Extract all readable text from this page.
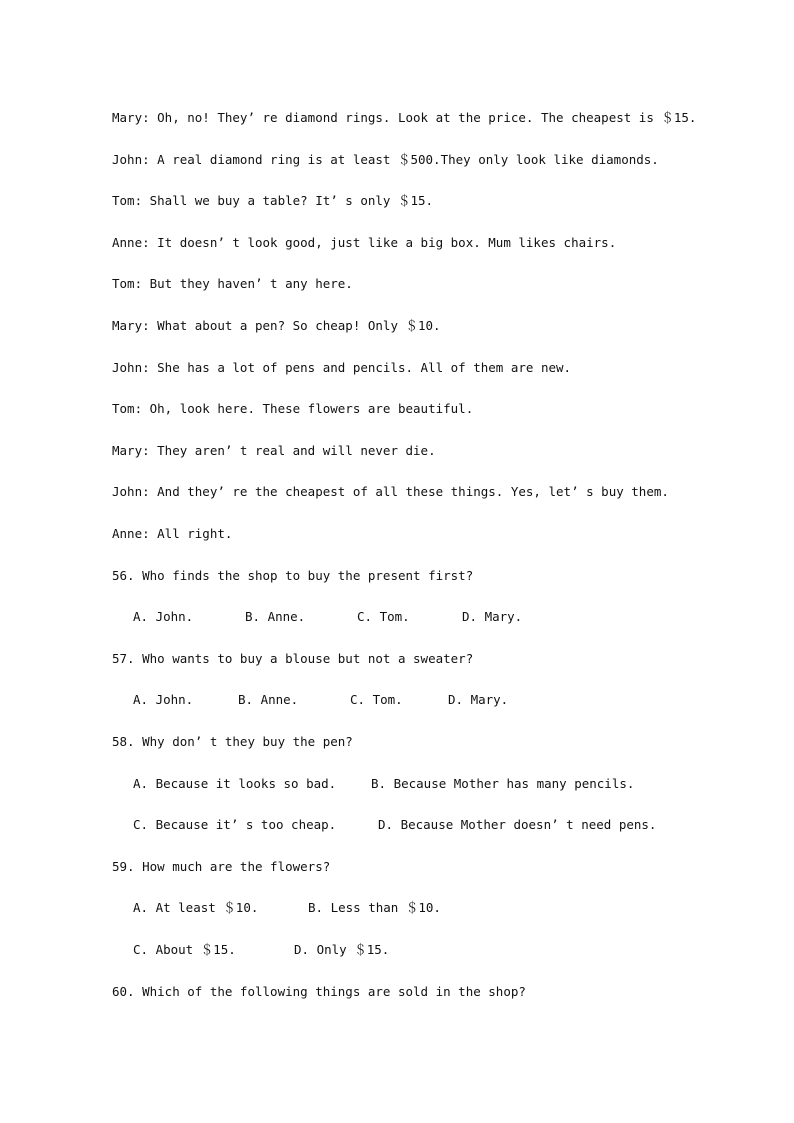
Mary: Oh, no! They’ re diamond rings. Look at the price. The cheapest is ＄15.
John: A real diamond ring is at least ＄500.They only look like diamonds.
Tom: Shall we buy a table? It’ s only ＄15.
Anne: It doesn’ t look good, just like a big box. Mum likes chairs.
Tom: But they haven’ t any here.
Mary: What about a pen? So cheap! Only ＄10.
John: She has a lot of pens and pencils. All of them are new.
Tom: Oh, look here. These flowers are beautiful.
Mary: They aren’ t real and will never die.
John: And they’ re the cheapest of all these things. Yes, let’ s buy them.
Anne: All right.
56. Who finds the shop to buy the present first?
A. John.	B. Anne.	C. Tom.	D. Mary.
57. Who wants to buy a blouse but not a sweater?
A. John.	B. Anne.	C. Tom.	D. Mary.
58. Why don’ t they buy the pen?
A. Because it looks so bad.	B. Because Mother has many pencils.
C. Because it’ s too cheap.	D. Because Mother doesn’ t need pens.
59. How much are the flowers?
A. At least ＄10.	B. Less than ＄10.
C. About ＄15.	D. Only ＄15.
60. Which of the following things are sold in the shop?
